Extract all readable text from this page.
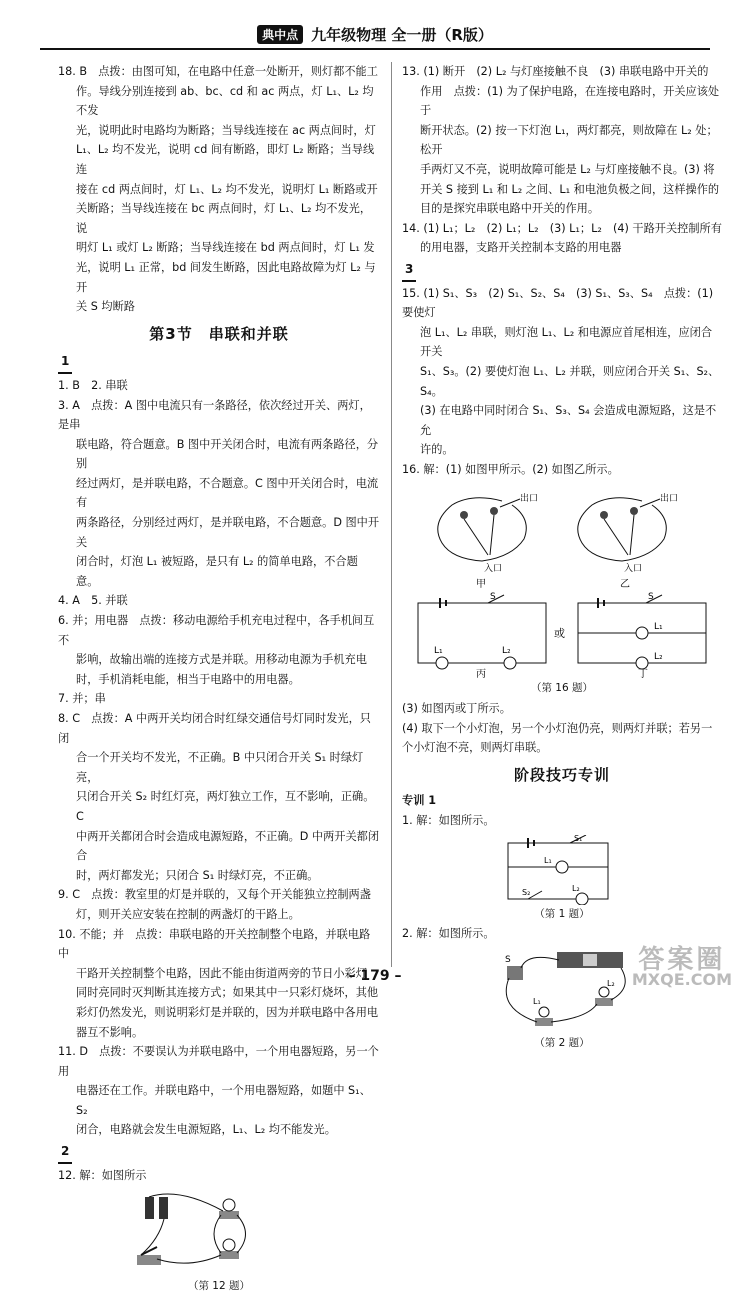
典中点 九年级物理 全一册（R版）

18. B　点拨：由图可知，在电路中任意一处断开，则灯都不能工

作。导线分别连接到 ab、bc、cd 和 ac 两点，灯 L₁、L₂ 均不发

光，说明此时电路均为断路；当导线连接在 ac 两点间时，灯

L₁、L₂ 均不发光，说明 cd 间有断路，即灯 L₂ 断路；当导线连

接在 cd 两点间时，灯 L₁、L₂ 均不发光，说明灯 L₁ 断路或开

关断路；当导线连接在 bc 两点间时，灯 L₁、L₂ 均不发光，说

明灯 L₁ 或灯 L₂ 断路；当导线连接在 bd 两点间时，灯 L₁ 发

光，说明 L₁ 正常，bd 间发生断路，因此电路故障为灯 L₂ 与开

关 S 均断路

第3节　串联和并联
1

1. B　2. 串联

3. A　点拨：A 图中电流只有一条路径，依次经过开关、两灯，是串

联电路，符合题意。B 图中开关闭合时，电流有两条路径，分别

经过两灯，是并联电路，不合题意。C 图中开关闭合时，电流有

两条路径，分别经过两灯，是并联电路，不合题意。D 图中开关

闭合时，灯泡 L₁ 被短路，是只有 L₂ 的简单电路，不合题意。

4. A　5. 并联

6. 并；用电器　点拨：移动电源给手机充电过程中，各手机间互不

影响，故输出端的连接方式是并联。用移动电源为手机充电

时，手机消耗电能，相当于电路中的用电器。

7. 并；串

8. C　点拨：A 中两开关均闭合时红绿交通信号灯同时发光，只闭

合一个开关均不发光，不正确。B 中只闭合开关 S₁ 时绿灯亮，

只闭合开关 S₂ 时红灯亮，两灯独立工作，互不影响，正确。C

中两开关都闭合时会造成电源短路，不正确。D 中两开关都闭合

时，两灯都发光；只闭合 S₁ 时绿灯亮，不正确。

9. C　点拨：教室里的灯是并联的，又每个开关能独立控制两盏

灯，则开关应安装在控制的两盏灯的干路上。

10. 不能；并　点拨：串联电路的开关控制整个电路，并联电路中

干路开关控制整个电路，因此不能由街道两旁的节日小彩灯

同时亮同时灭判断其连接方式；如果其中一只彩灯烧坏，其他

彩灯仍然发光，则说明彩灯是并联的，因为并联电路中各用电

器互不影响。

11. D　点拨：不要误认为并联电路中，一个用电器短路，另一个用

电器还在工作。并联电路中，一个用电器短路，如题中 S₁、S₂

闭合，电路就会发生电源短路，L₁、L₂ 均不能发光。

2

12. 解：如图所示

（第 12 题）

13. (1) 断开　(2) L₂ 与灯座接触不良　(3) 串联电路中开关的

作用　点拨：(1) 为了保护电路，在连接电路时，开关应该处于

断开状态。(2) 按一下灯泡 L₁，两灯都亮，则故障在 L₂ 处；松开

手两灯又不亮，说明故障可能是 L₂ 与灯座接触不良。(3) 将

开关 S 接到 L₁ 和 L₂ 之间、L₁ 和电池负极之间，这样操作的

目的是探究串联电路中开关的作用。

14. (1) L₁；L₂　(2) L₁；L₂　(3) L₁；L₂　(4) 干路开关控制所有

的用电器，支路开关控制本支路的用电器

3

15. (1) S₁、S₃　(2) S₁、S₂、S₄　(3) S₁、S₃、S₄　点拨：(1) 要使灯

泡 L₁、L₂ 串联，则灯泡 L₁、L₂ 和电源应首尾相连，应闭合开关

S₁、S₃。(2) 要使灯泡 L₁、L₂ 并联，则应闭合开关 S₁、S₂、S₄。

(3) 在电路中同时闭合 S₁、S₃、S₄ 会造成电源短路，这是不允

许的。

16. 解：(1) 如图甲所示。(2) 如图乙所示。

出口
入口
甲
出口
入口
乙
S
L₁	L₂
丙
或
S
L₁
L₂
丁
（第 16 题）

(3) 如图丙或丁所示。

(4) 取下一个小灯泡，另一个小灯泡仍亮，则两灯并联；若另一

个小灯泡不亮，则两灯串联。

阶段技巧专训

专训 1

1. 解：如图所示。

S₁
L₁
S₂	L₂
（第 1 题）

2. 解：如图所示。

S
L₂
L₁
（第 2 题）
– 179 –
答案圈
MXQE.COM
